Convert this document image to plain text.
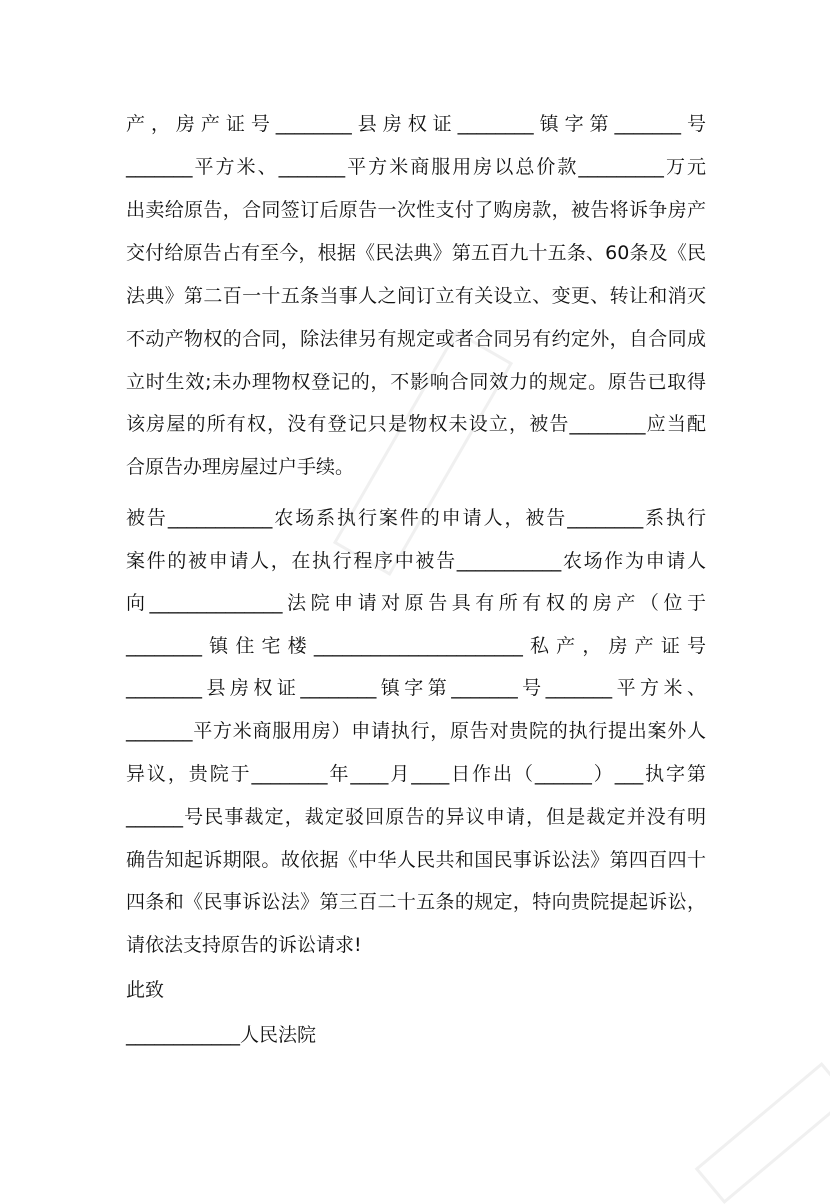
产，房产证号________县房权证________镇字第_______号
_______平方米、_______平方米商服用房以总价款_________万元
出卖给原告，合同签订后原告一次性支付了购房款，被告将诉争房产
交付给原告占有至今，根据《民法典》第五百九十五条、60条及《民
法典》第二百一十五条当事人之间订立有关设立、变更、转让和消灭
不动产物权的合同，除法律另有规定或者合同另有约定外，自合同成
立时生效;未办理物权登记的，不影响合同效力的规定。原告已取得
该房屋的所有权，没有登记只是物权未设立，被告________应当配
合原告办理房屋过户手续。
被告___________农场系执行案件的申请人，被告________系执行
案件的被申请人，在执行程序中被告___________农场作为申请人
向______________法院申请对原告具有所有权的房产（位于
________镇住宅楼______________________私产，房产证号
________县房权证________镇字第_______号_______平方米、
_______平方米商服用房）申请执行，原告对贵院的执行提出案外人
异议，贵院于________年____月____日作出（______）___执字第
______号民事裁定，裁定驳回原告的异议申请，但是裁定并没有明
确告知起诉期限。故依据《中华人民共和国民事诉讼法》第四百四十
四条和《民事诉讼法》第三百二十五条的规定，特向贵院提起诉讼，
请依法支持原告的诉讼请求!
此致
____________人民法院
